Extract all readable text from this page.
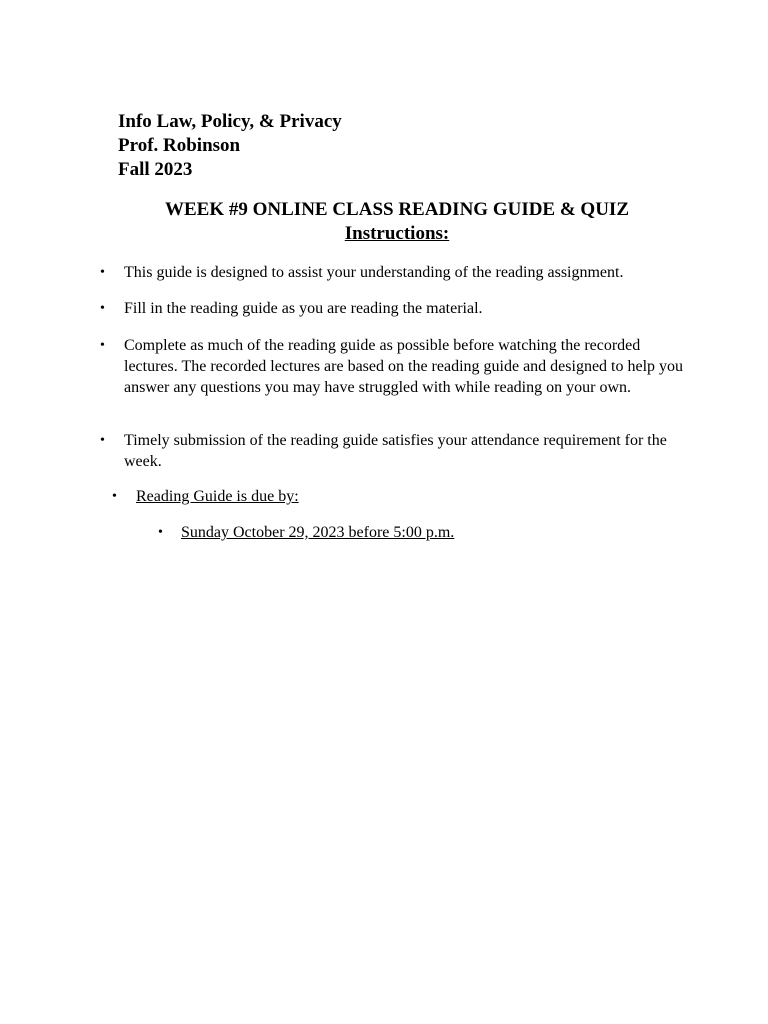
Info Law, Policy, & Privacy
Prof. Robinson
Fall 2023
WEEK #9 ONLINE CLASS READING GUIDE & QUIZ
Instructions:
• This guide is designed to assist your understanding of the reading assignment.
• Fill in the reading guide as you are reading the material.
• Complete as much of the reading guide as possible before watching the recorded lectures. The recorded lectures are based on the reading guide and designed to help you answer any questions you may have struggled with while reading on your own.
• Timely submission of the reading guide satisfies your attendance requirement for the week.
• Reading Guide is due by:
• Sunday October 29, 2023 before 5:00 p.m.
